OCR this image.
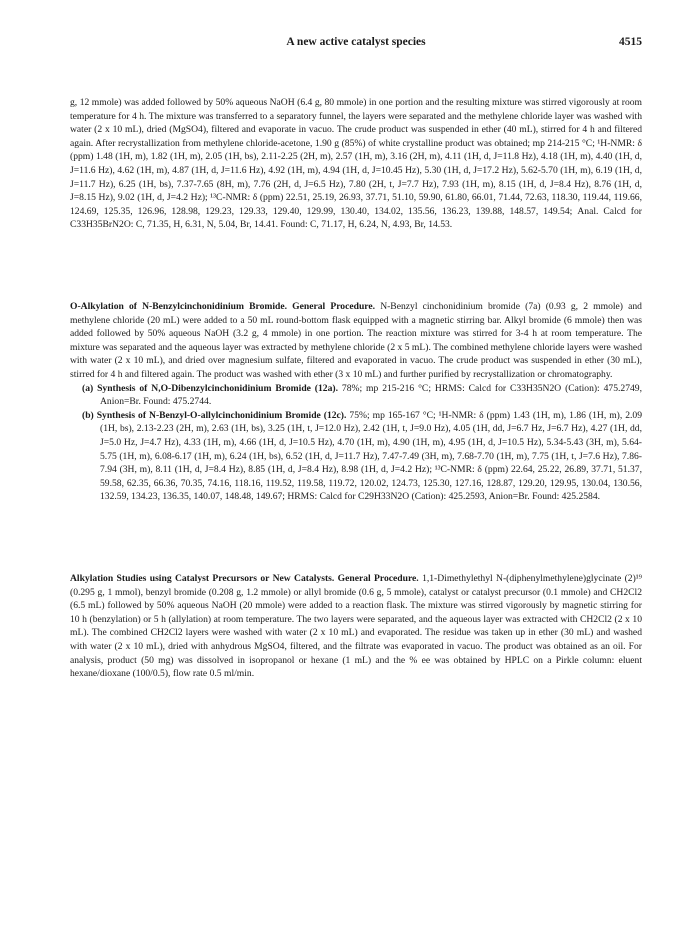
A new active catalyst species	4515

g, 12 mmole) was added followed by 50% aqueous NaOH (6.4 g, 80 mmole) in one portion and the resulting mixture was stirred vigorously at room temperature for 4 h. The mixture was transferred to a separatory funnel, the layers were separated and the methylene chloride layer was washed with water (2 x 10 mL), dried (MgSO4), filtered and evaporate in vacuo. The crude product was suspended in ether (40 mL), stirred for 4 h and filtered again. After recrystallization from methylene chloride-acetone, 1.90 g (85%) of white crystalline product was obtained; mp 214-215 °C; ¹H-NMR: δ (ppm) 1.48 (1H, m), 1.82 (1H, m), 2.05 (1H, bs), 2.11-2.25 (2H, m), 2.57 (1H, m), 3.16 (2H, m), 4.11 (1H, d, J=11.8 Hz), 4.18 (1H, m), 4.40 (1H, d, J=11.6 Hz), 4.62 (1H, m), 4.87 (1H, d, J=11.6 Hz), 4.92 (1H, m), 4.94 (1H, d, J=10.45 Hz), 5.30 (1H, d, J=17.2 Hz), 5.62-5.70 (1H, m), 6.19 (1H, d, J=11.7 Hz), 6.25 (1H, bs), 7.37-7.65 (8H, m), 7.76 (2H, d, J=6.5 Hz), 7.80 (2H, t, J=7.7 Hz), 7.93 (1H, m), 8.15 (1H, d, J=8.4 Hz), 8.76 (1H, d, J=8.15 Hz), 9.02 (1H, d, J=4.2 Hz); ¹³C-NMR: δ (ppm) 22.51, 25.19, 26.93, 37.71, 51.10, 59.90, 61.80, 66.01, 71.44, 72.63, 118.30, 119.44, 119.66, 124.69, 125.35, 126.96, 128.98, 129.23, 129.33, 129.40, 129.99, 130.40, 134.02, 135.56, 136.23, 139.88, 148.57, 149.54; Anal. Calcd for C33H35BrN2O: C, 71.35, H, 6.31, N, 5.04, Br, 14.41. Found: C, 71.17, H, 6.24, N, 4.93, Br, 14.53.

O-Alkylation of N-Benzylcinchonidinium Bromide. General Procedure. N-Benzyl cinchonidinium bromide (7a) (0.93 g, 2 mmole) and methylene chloride (20 mL) were added to a 50 mL round-bottom flask equipped with a magnetic stirring bar. Alkyl bromide (6 mmole) then was added followed by 50% aqueous NaOH (3.2 g, 4 mmole) in one portion. The reaction mixture was stirred for 3-4 h at room temperature. The mixture was separated and the aqueous layer was extracted by methylene chloride (2 x 5 mL). The combined methylene chloride layers were washed with water (2 x 10 mL), and dried over magnesium sulfate, filtered and evaporated in vacuo. The crude product was suspended in ether (30 mL), stirred for 4 h and filtered again. The product was washed with ether (3 x 10 mL) and further purified by recrystallization or chromatography.

(a) Synthesis of N,O-Dibenzylcinchonidinium Bromide (12a). 78%; mp 215-216 °C; HRMS: Calcd for C33H35N2O (Cation): 475.2749, Anion=Br. Found: 475.2744.

(b) Synthesis of N-Benzyl-O-allylcinchonidinium Bromide (12c). 75%; mp 165-167 °C; ¹H-NMR: δ (ppm) 1.43 (1H, m), 1.86 (1H, m), 2.09 (1H, bs), 2.13-2.23 (2H, m), 2.63 (1H, bs), 3.25 (1H, t, J=12.0 Hz), 2.42 (1H, t, J=9.0 Hz), 4.05 (1H, dd, J=6.7 Hz, J=6.7 Hz), 4.27 (1H, dd, J=5.0 Hz, J=4.7 Hz), 4.33 (1H, m), 4.66 (1H, d, J=10.5 Hz), 4.70 (1H, m), 4.90 (1H, m), 4.95 (1H, d, J=10.5 Hz), 5.34-5.43 (3H, m), 5.64-5.75 (1H, m), 6.08-6.17 (1H, m), 6.24 (1H, bs), 6.52 (1H, d, J=11.7 Hz), 7.47-7.49 (3H, m), 7.68-7.70 (1H, m), 7.75 (1H, t, J=7.6 Hz), 7.86-7.94 (3H, m), 8.11 (1H, d, J=8.4 Hz), 8.85 (1H, d, J=8.4 Hz), 8.98 (1H, d, J=4.2 Hz); ¹³C-NMR: δ (ppm) 22.64, 25.22, 26.89, 37.71, 51.37, 59.58, 62.35, 66.36, 70.35, 74.16, 118.16, 119.52, 119.58, 119.72, 120.02, 124.73, 125.30, 127.16, 128.87, 129.20, 129.95, 130.04, 130.56, 132.59, 134.23, 136.35, 140.07, 148.48, 149.67; HRMS: Calcd for C29H33N2O (Cation): 425.2593, Anion=Br. Found: 425.2584.

Alkylation Studies using Catalyst Precursors or New Catalysts. General Procedure. 1,1-Dimethylethyl N-(diphenylmethylene)glycinate (2)¹⁹ (0.295 g, 1 mmol), benzyl bromide (0.208 g, 1.2 mmole) or allyl bromide (0.6 g, 5 mmole), catalyst or catalyst precursor (0.1 mmole) and CH2Cl2 (6.5 mL) followed by 50% aqueous NaOH (20 mmole) were added to a reaction flask. The mixture was stirred vigorously by magnetic stirring for 10 h (benzylation) or 5 h (allylation) at room temperature. The two layers were separated, and the aqueous layer was extracted with CH2Cl2 (2 x 10 mL). The combined CH2Cl2 layers were washed with water (2 x 10 mL) and evaporated. The residue was taken up in ether (30 mL) and washed with water (2 x 10 mL), dried with anhydrous MgSO4, filtered, and the filtrate was evaporated in vacuo. The product was obtained as an oil. For analysis, product (50 mg) was dissolved in isopropanol or hexane (1 mL) and the % ee was obtained by HPLC on a Pirkle column: eluent hexane/dioxane (100/0.5), flow rate 0.5 ml/min.
